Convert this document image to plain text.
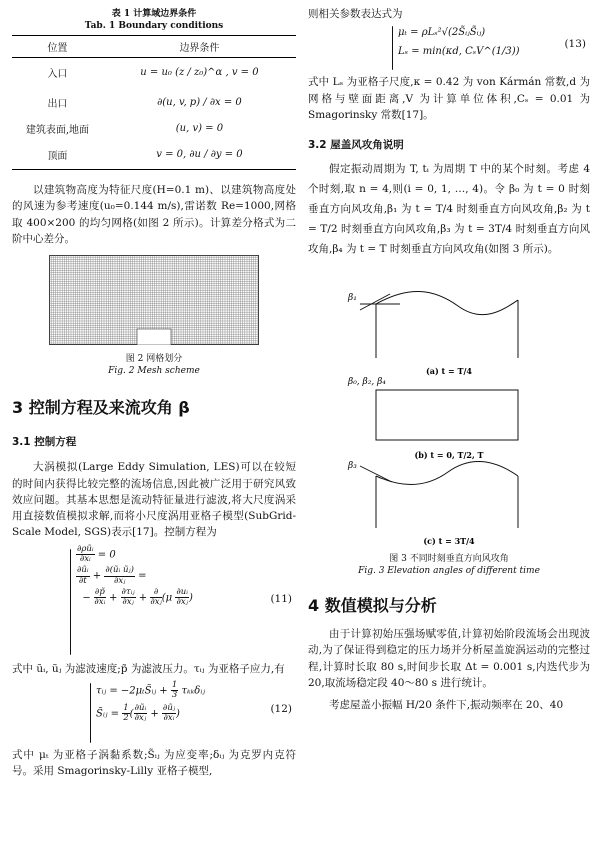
表 1 计算域边界条件
Tab. 1 Boundary conditions
位置	边界条件
入口	u = u₀ (z / z₀)^α , v = 0
出口	∂(u, v, p) / ∂x = 0
建筑表面,地面	(u, v) = 0
顶面	v = 0, ∂u / ∂y = 0

以建筑物高度为特征尺度(H=0.1 m)、以建筑物高度处的风速为参考速度(u₀=0.144 m/s),雷诺数 Re=1000,网格取 400×200 的均匀网格(如图 2 所示)。计算差分格式为二阶中心差分。

图 2 网格划分

Fig. 2 Mesh scheme

3 控制方程及来流攻角 β

3.1 控制方程

大涡模拟(Large Eddy Simulation, LES)可以在较短的时间内获得比较完整的流场信息,因此被广泛用于研究风致效应问题。其基本思想是流动特征量进行滤波,将大尺度涡采用直接数值模拟求解,而将小尺度涡用亚格子模型(SubGrid-Scale Model, SGS)表示[17]。控制方程为

$\frac{\text{∂ρũᵢ}}{\text{∂xᵢ}} = 0$
$\frac{\text{∂ũᵢ}}{\partial t} + \frac{\text{∂(ũᵢ ũⱼ)}}{\text{∂xⱼ}}$ =
− $\frac{\partial p̃}{\text{∂xᵢ}} + \frac{\text{∂τᵢⱼ}}{\text{∂xⱼ}} + \frac{\partial}{\text{∂xⱼ}} (\mu \frac{\text{∂uᵢ}}{\text{∂xⱼ}}$ )	(11)

式中 ũᵢ, ũⱼ 为滤波速度;p̃ 为滤波压力。τᵢⱼ 为亚格子应力,有

τᵢⱼ = −2μₜS̃ᵢⱼ + $\frac{1}{3}$ τₖₖδᵢⱼ
S̃ᵢⱼ = $\frac{1}{2}$ ( $\frac{\text{∂ũᵢ}}{\text{∂xⱼ}} + \frac{\text{∂ũⱼ}}{\text{∂xᵢ}}$ )	(12)

式中 μₜ 为亚格子涡黏系数;S̃ᵢⱼ 为应变率;δᵢⱼ 为克罗内克符号。采用 Smagorinsky-Lilly 亚格子模型,

则相关参数表达式为

μₜ = ρLₛ²√(2S̃ᵢⱼS̃ᵢⱼ)
Lₛ = min(κd, CₛV^(1/3))
(13)

式中 Lₛ 为亚格子尺度,κ = 0.42 为 von Kármán 常数,d 为网格与壁面距离,V 为计算单位体积,Cₛ = 0.01 为 Smagorinsky 常数[17]。

3.2 屋盖风攻角说明

假定振动周期为 T, tᵢ 为周期 T 中的某个时刻。考虑 4 个时刻,取 n = 4,则(i = 0, 1, …, 4)。令 β₀ 为 t = 0 时刻垂直方向风攻角,β₁ 为 t = T/4 时刻垂直方向风攻角,β₂ 为 t = T/2 时刻垂直方向风攻角,β₃ 为 t = 3T/4 时刻垂直方向风攻角,β₄ 为 t = T 时刻垂直方向风攻角(如图 3 所示)。

β₁
(a) t = T/4
β₀, β₂, β₄
(b) t = 0, T/2, T
β₃
(c) t = 3T/4

图 3 不同时刻垂直方向风攻角

Fig. 3 Elevation angles of different time

4 数值模拟与分析

由于计算初始压强场赋零值,计算初始阶段流场会出现波动,为了保证得到稳定的压力场并分析屋盖旋涡运动的完整过程,计算时长取 80 s,时间步长取 Δt = 0.001 s,内迭代步为 20,取流场稳定段 40～80 s 进行统计。

考虑屋盖小振幅 H/20 条件下,振动频率在 20、40
